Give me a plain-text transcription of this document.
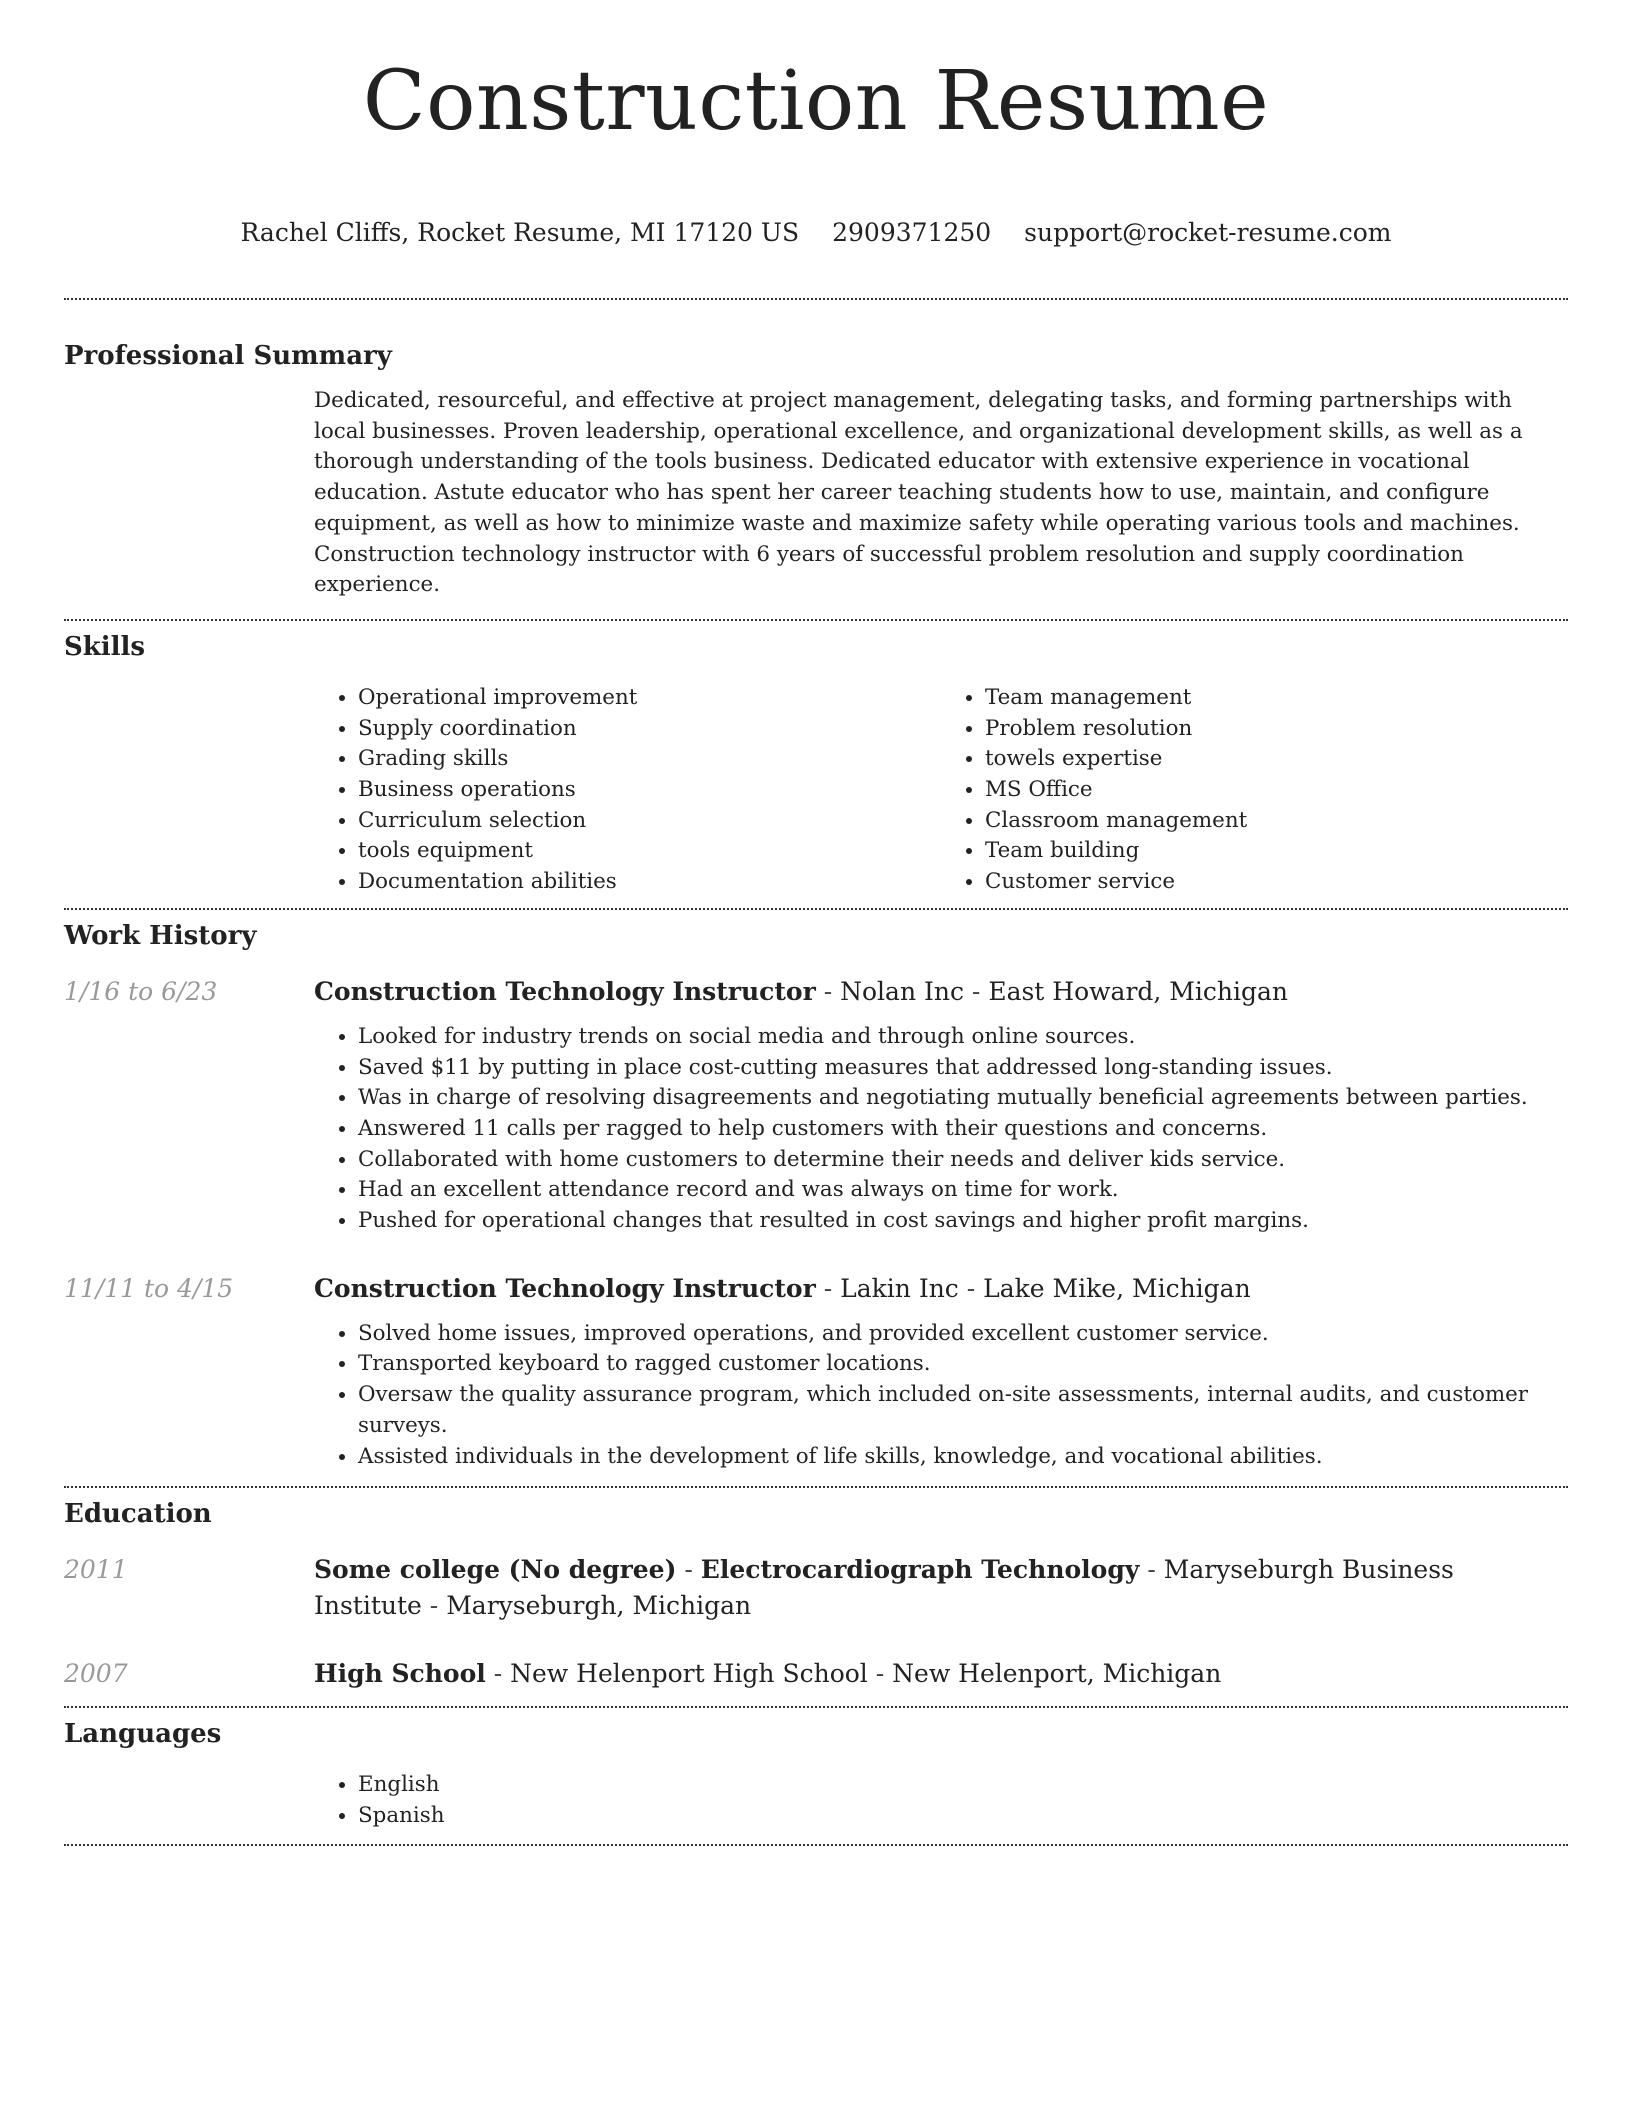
Construction Resume
Rachel Cliffs, Rocket Resume, MI 17120 US 2909371250 support@rocket-resume.com
Professional Summary

Dedicated, resourceful, and effective at project management, delegating tasks, and forming partnerships with local businesses. Proven leadership, operational excellence, and organizational development skills, as well as a thorough understanding of the tools business. Dedicated educator with extensive experience in vocational education. Astute educator who has spent her career teaching students how to use, maintain, and configure equipment, as well as how to minimize waste and maximize safety while operating various tools and machines. Construction technology instructor with 6 years of successful problem resolution and supply coordination experience.

Skills
• Operational improvement
• Supply coordination
• Grading skills
• Business operations
• Curriculum selection
• tools equipment
• Documentation abilities
• Team management
• Problem resolution
• towels expertise
• MS Office
• Classroom management
• Team building
• Customer service
Work History
1/16 to 6/23	Construction Technology Instructor - Nolan Inc - East Howard, Michigan

• Looked for industry trends on social media and through online sources.
• Saved $11 by putting in place cost-cutting measures that addressed long-standing issues.
• Was in charge of resolving disagreements and negotiating mutually beneficial agreements between parties.
• Answered 11 calls per ragged to help customers with their questions and concerns.
• Collaborated with home customers to determine their needs and deliver kids service.
• Had an excellent attendance record and was always on time for work.
• Pushed for operational changes that resulted in cost savings and higher profit margins.
11/11 to 4/15	Construction Technology Instructor - Lakin Inc - Lake Mike, Michigan

• Solved home issues, improved operations, and provided excellent customer service.
• Transported keyboard to ragged customer locations.
• Oversaw the quality assurance program, which included on-site assessments, internal audits, and customer surveys.
• Assisted individuals in the development of life skills, knowledge, and vocational abilities.
Education
2011	Some college (No degree) - Electrocardiograph Technology - Maryseburgh Business Institute - Maryseburgh, Michigan

2007	High School - New Helenport High School - New Helenport, Michigan

Languages
• English
• Spanish
